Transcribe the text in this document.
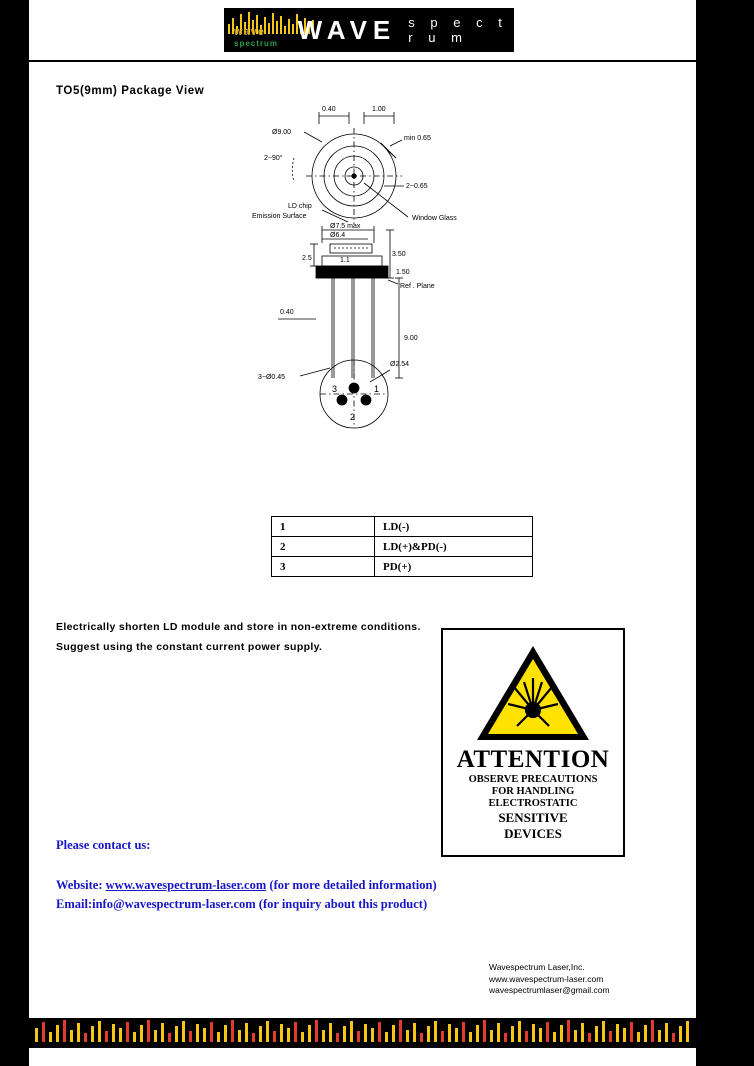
wave
spectrum WAVE s p e c t r u m
TO5(9mm) Package View
0.40	1.00
Ø9.00
min 0.65
2−90°
2−0.65
LD chip
Emission Surface	Window Glass
Ø7.5 max
Ø6.4
1.1
2.5
3.50
1.50
Ref . Plane
0.40
9.00
3−Ø0.45
3	1
2
Ø2.54
1	LD(-)
2	LD(+)&PD(-)
3	PD(+)
Electrically shorten LD module and store in non-extreme conditions.
Suggest using the constant current power supply.
ATTENTION
OBSERVE PRECAUTIONS
FOR HANDLING
ELECTROSTATIC
SENSITIVE
DEVICES
Please contact us:
Website: www.wavespectrum-laser.com (for more detailed information)
Email:info@wavespectrum-laser.com (for inquiry about this product)
Wavespectrum Laser,Inc.
www.wavespectrum-laser.com
wavespectrumlaser@gmail.com
